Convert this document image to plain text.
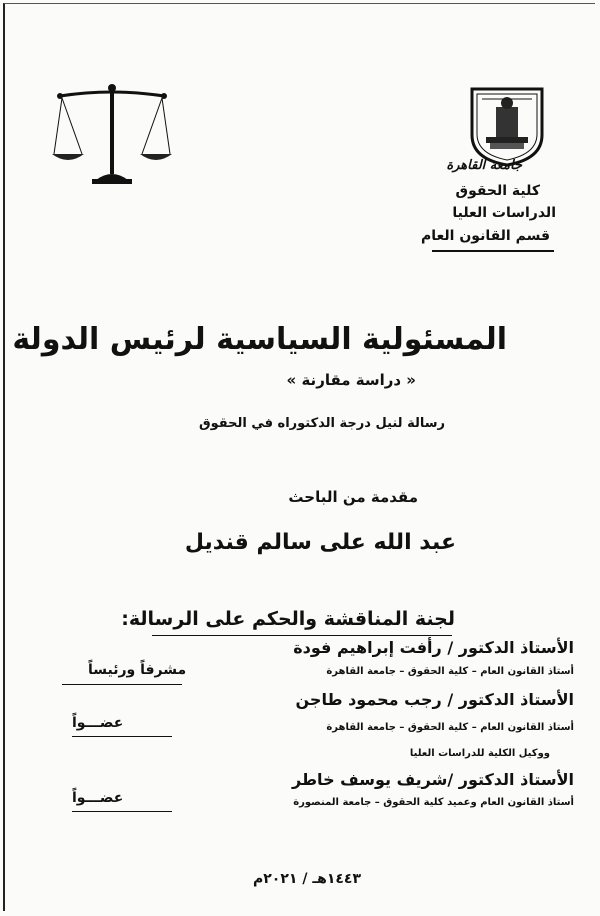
جامعة القاهرة
كلية الحقوق
الدراسات العليا
قسم القانون العام
المسئولية السياسية لرئيس الدولة
« دراسة مقارنة »
رسالة لنيل درجة الدكتوراه في الحقوق
مقدمة من الباحث
عبد الله على سالم قنديل
لجنة المناقشة والحكم على الرسالة:
الأستاذ الدكتور / رأفت إبراهيم فودة
أستاذ القانون العام – كلية الحقوق – جامعة القاهرة
مشرفاً ورئيساً
الأستاذ الدكتور / رجب محمود طاجن
أستاذ القانون العام – كلية الحقوق – جامعة القاهرة
عضـــواً
ووكيل الكلية للدراسات العليا
الأستاذ الدكتور /شريف يوسف خاطر
أستاذ القانون العام وعميد كلية الحقوق – جامعة المنصورة
عضـــواً
١٤٤٣هـ / ٢٠٢١م
